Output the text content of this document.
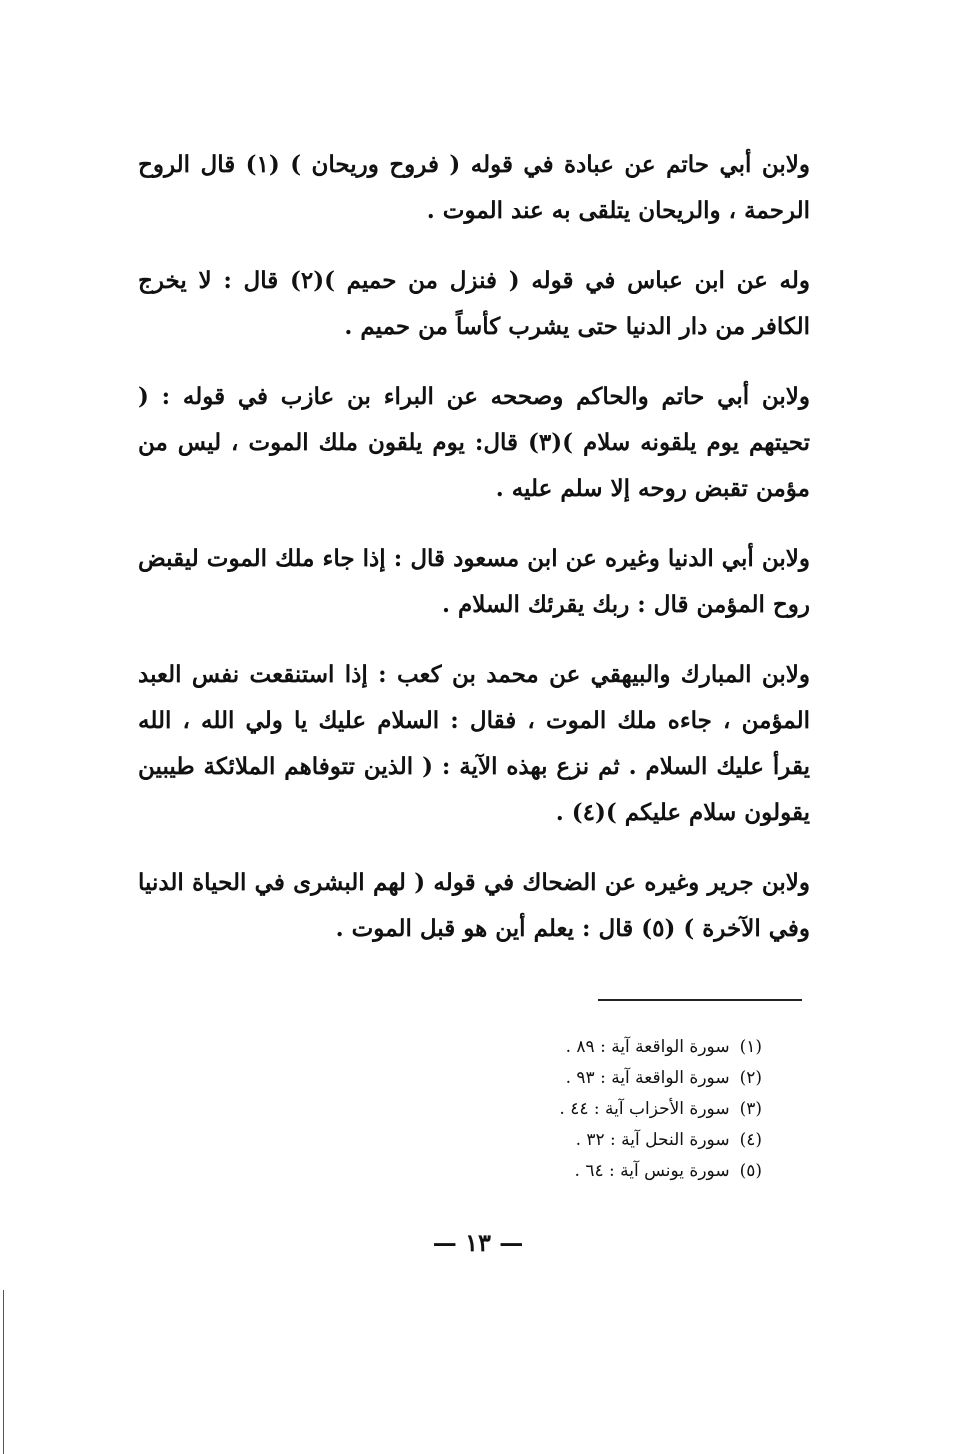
ولابن أبي حاتم عن عبادة في قوله ( فروح وريحان ) (١) قال الروح الرحمة ، والريحان يتلقى به عند الموت .

وله عن ابن عباس في قوله ( فنزل من حميم )(٢) قال : لا يخرج الكافر من دار الدنيا حتى يشرب كأساً من حميم .

ولابن أبي حاتم والحاكم وصححه عن البراء بن عازب في قوله : ( تحيتهم يوم يلقونه سلام )(٣) قال: يوم يلقون ملك الموت ، ليس من مؤمن تقبض روحه إلا سلم عليه .

ولابن أبي الدنيا وغيره عن ابن مسعود قال : إذا جاء ملك الموت ليقبض روح المؤمن قال : ربك يقرئك السلام .

ولابن المبارك والبيهقي عن محمد بن كعب : إذا استنقعت نفس العبد المؤمن ، جاءه ملك الموت ، فقال : السلام عليك يا ولي الله ، الله يقرأ عليك السلام . ثم نزع بهذه الآية : ( الذين تتوفاهم الملائكة طيبين يقولون سلام عليكم )(٤) .

ولابن جرير وغيره عن الضحاك في قوله ( لهم البشرى في الحياة الدنيا وفي الآخرة ) (٥) قال : يعلم أين هو قبل الموت .

(١)سورة الواقعة آية : ٨٩ .
(٢)سورة الواقعة آية : ٩٣ .
(٣)سورة الأحزاب آية : ٤٤ .
(٤)سورة النحل آية : ٣٢ .
(٥)سورة يونس آية : ٦٤ .
— ١٣ —
